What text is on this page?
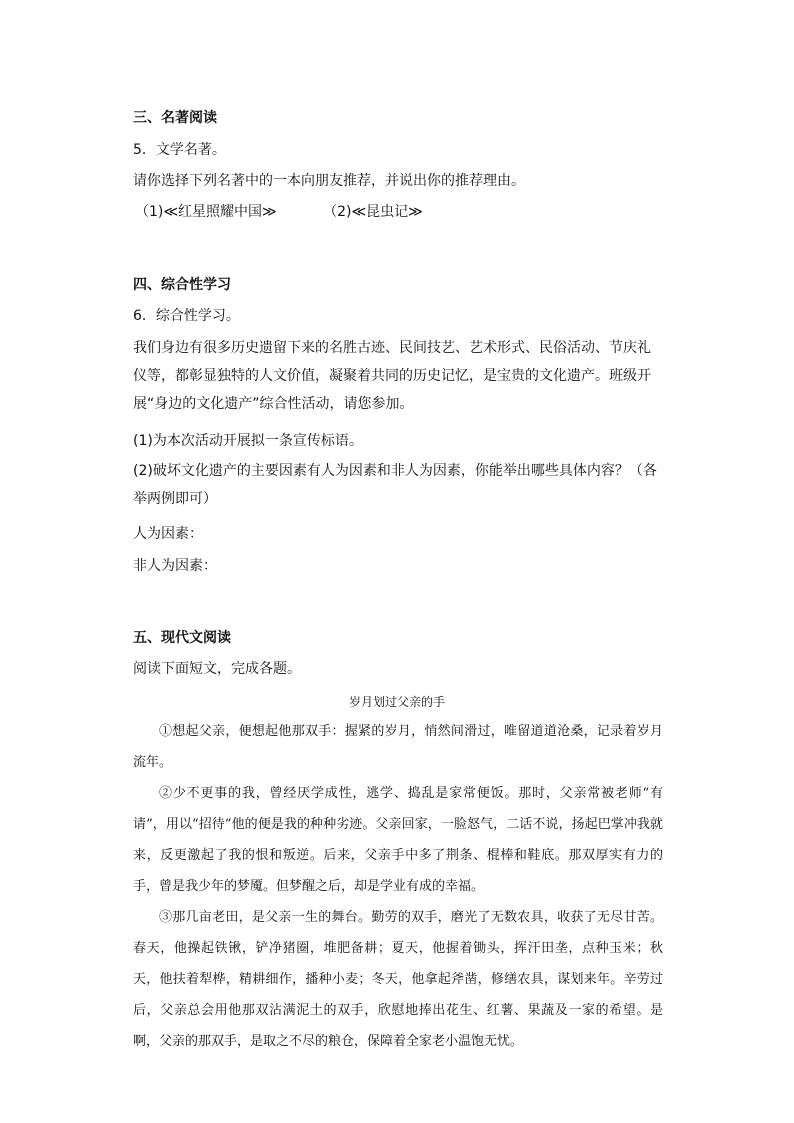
三、名著阅读

5．文学名著。

请你选择下列名著中的一本向朋友推荐，并说出你的推荐理由。

（1)≪红星照耀中国≫	（2)≪昆虫记≫

四、综合性学习

6．综合性学习。

我们身边有很多历史遗留下来的名胜古迹、民间技艺、艺术形式、民俗活动、节庆礼仪等，都彰显独特的人文价值，凝聚着共同的历史记忆，是宝贵的文化遗产。班级开展“身边的文化遗产”综合性活动，请您参加。

(1)为本次活动开展拟一条宣传标语。

(2)破坏文化遗产的主要因素有人为因素和非人为因素，你能举出哪些具体内容？（各举两例即可）

人为因素：

非人为因素：

五、现代文阅读

阅读下面短文，完成各题。

岁月划过父亲的手

①想起父亲，便想起他那双手：握紧的岁月，悄然间滑过，唯留道道沧桑，记录着岁月流年。

②少不更事的我，曾经厌学成性，逃学、捣乱是家常便饭。那时，父亲常被老师“有请”，用以“招待”他的便是我的种种劣迹。父亲回家，一脸怒气，二话不说，扬起巴掌冲我就来，反更激起了我的恨和叛逆。后来，父亲手中多了荆条、棍棒和鞋底。那双厚实有力的手，曾是我少年的梦魇。但梦醒之后，却是学业有成的幸福。

③那几亩老田，是父亲一生的舞台。勤劳的双手，磨光了无数农具，收获了无尽甘苦。春天，他操起铁锹，铲净猪圈，堆肥备耕；夏天，他握着锄头，挥汗田垄，点种玉米；秋天，他扶着犁桦，精耕细作，播种小麦；冬天，他拿起斧凿，修缮农具，谋划来年。辛劳过后，父亲总会用他那双沾满泥土的双手，欣慰地捧出花生、红薯、果蔬及一家的希望。是啊，父亲的那双手，是取之不尽的粮仓，保障着全家老小温饱无忧。
